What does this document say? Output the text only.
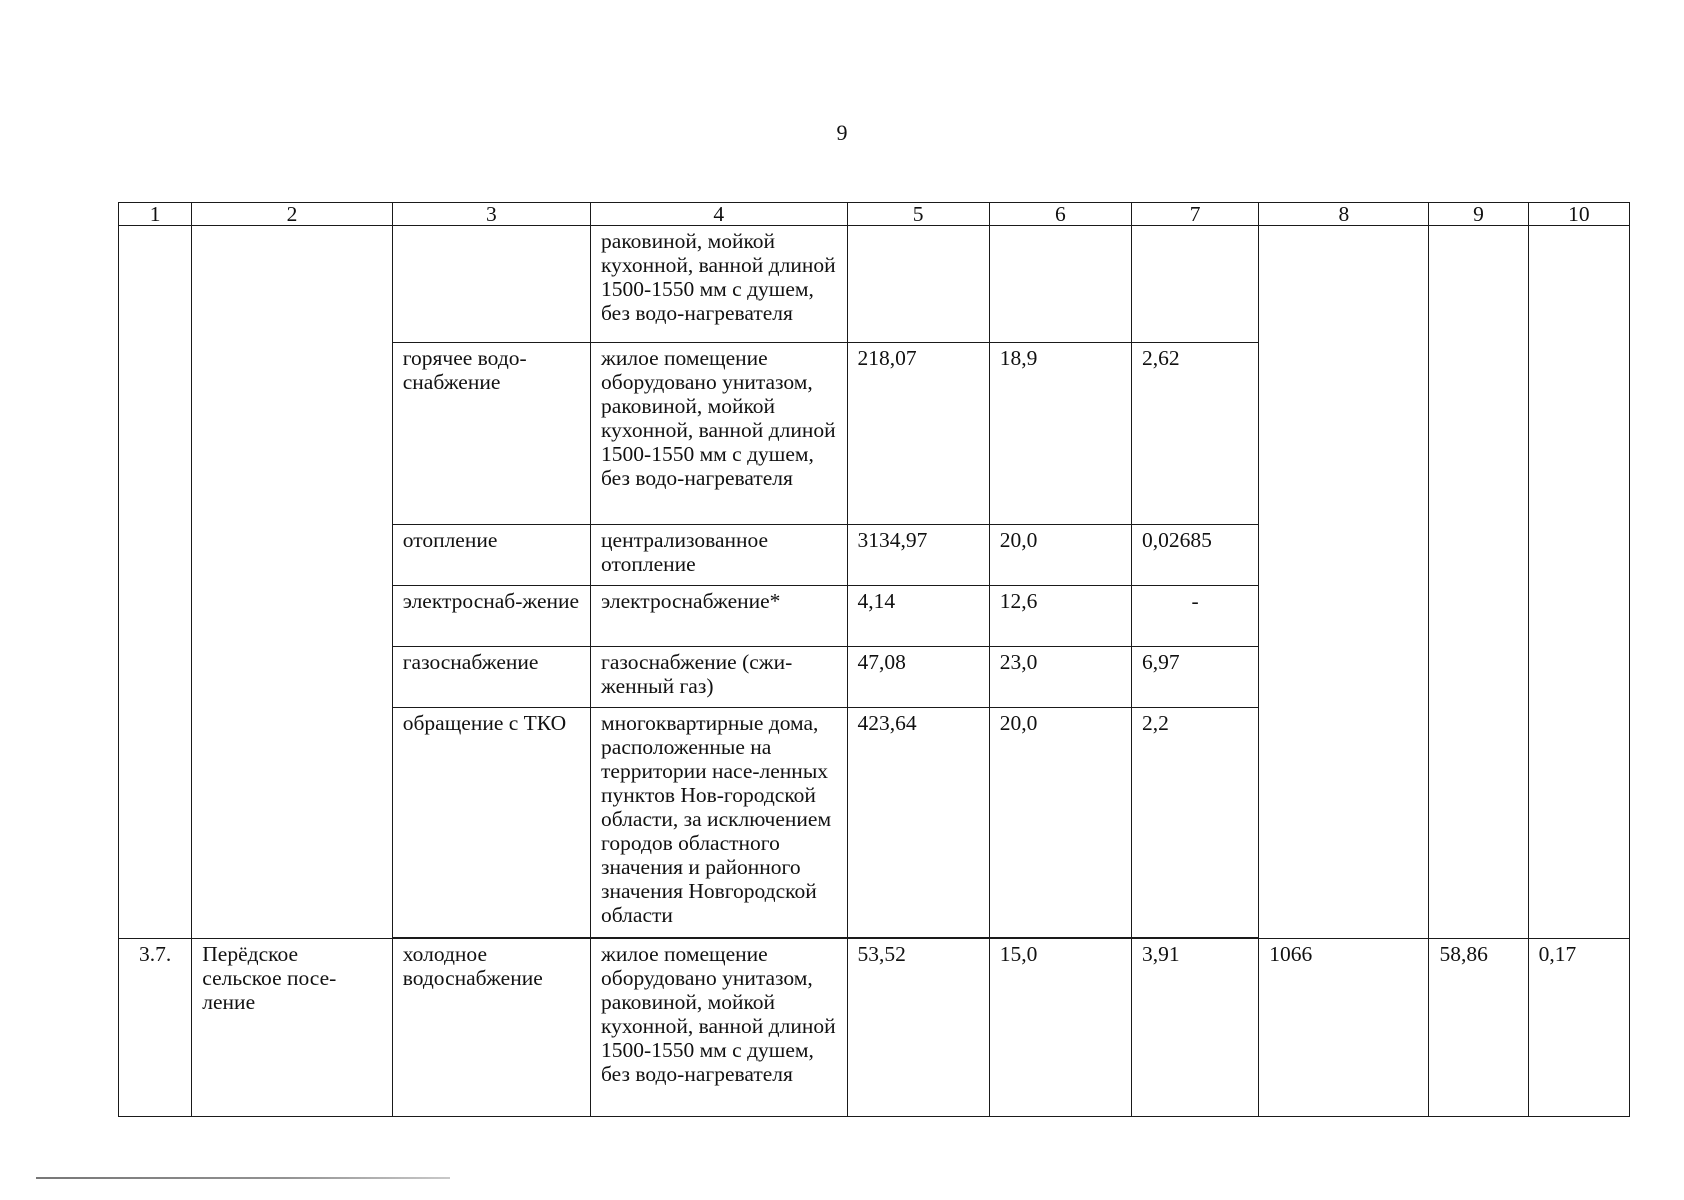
9
1	2	3	4	5	6	7	8	9	10
			раковиной, мойкой кухонной, ванной длиной 1500-1550 мм с душем, без водо-нагревателя						
		горячее водо-снабжение	жилое помещение оборудовано унитазом, раковиной, мойкой кухонной, ванной длиной 1500-1550 мм с душем, без водо-нагревателя	218,07	18,9	2,62			
		отопление	централизованное отопление	3134,97	20,0	0,02685			
		электроснаб-жение	электроснабжение*	4,14	12,6	-			
		газоснабжение	газоснабжение (сжи-женный газ)	47,08	23,0	6,97			
		обращение с ТКО	многоквартирные дома, расположенные на территории насе-ленных пунктов Нов-городской области, за исключением городов областного значения и районного значения Новгородской области	423,64	20,0	2,2			

3.7.	Перёдское сельское посе-ление	холодное водоснабжение	жилое помещение оборудовано унитазом, раковиной, мойкой кухонной, ванной длиной 1500-1550 мм с душем, без водо-нагревателя	53,52	15,0	3,91	1066	58,86	0,17
